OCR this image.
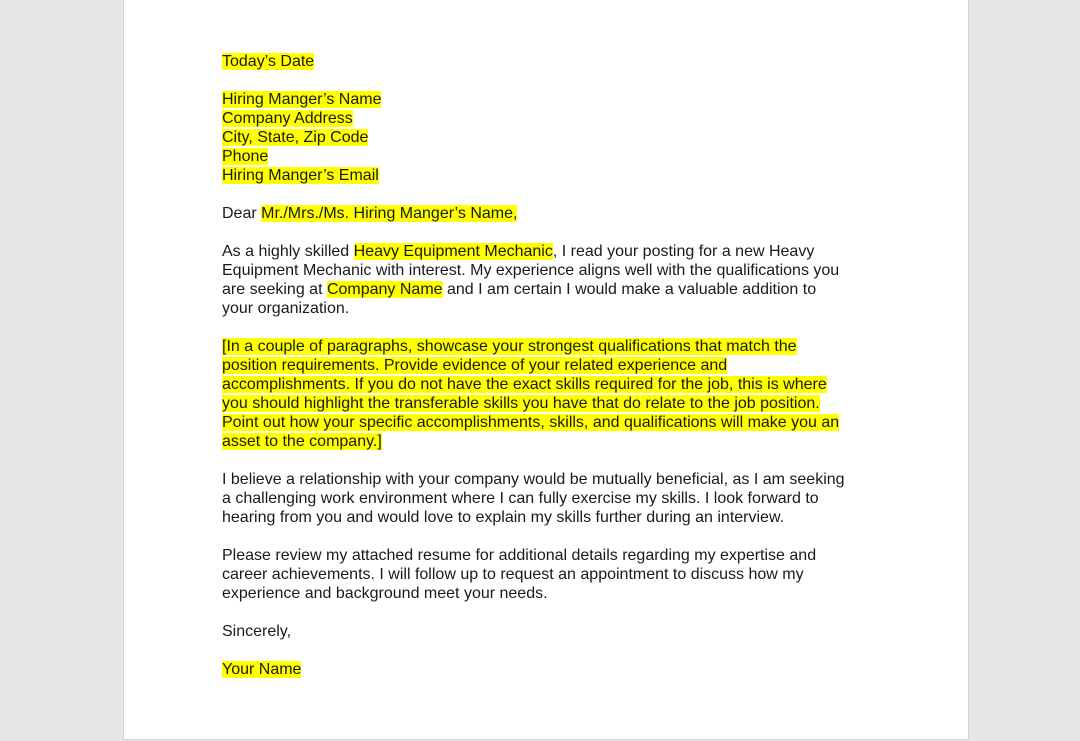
Today’s Date
Hiring Manger’s Name
Company Address
City, State, Zip Code
Phone
Hiring Manger’s Email
Dear Mr./Mrs./Ms. Hiring Manger’s Name,
As a highly skilled Heavy Equipment Mechanic, I read your posting for a new Heavy
Equipment Mechanic with interest. My experience aligns well with the qualifications you
are seeking at Company Name and I am certain I would make a valuable addition to
your organization.
[In a couple of paragraphs, showcase your strongest qualifications that match the
position requirements. Provide evidence of your related experience and
accomplishments. If you do not have the exact skills required for the job, this is where
you should highlight the transferable skills you have that do relate to the job position.
Point out how your specific accomplishments, skills, and qualifications will make you an
asset to the company.]
I believe a relationship with your company would be mutually beneficial, as I am seeking
a challenging work environment where I can fully exercise my skills. I look forward to
hearing from you and would love to explain my skills further during an interview.
Please review my attached resume for additional details regarding my expertise and
career achievements. I will follow up to request an appointment to discuss how my
experience and background meet your needs.
Sincerely,
Your Name
